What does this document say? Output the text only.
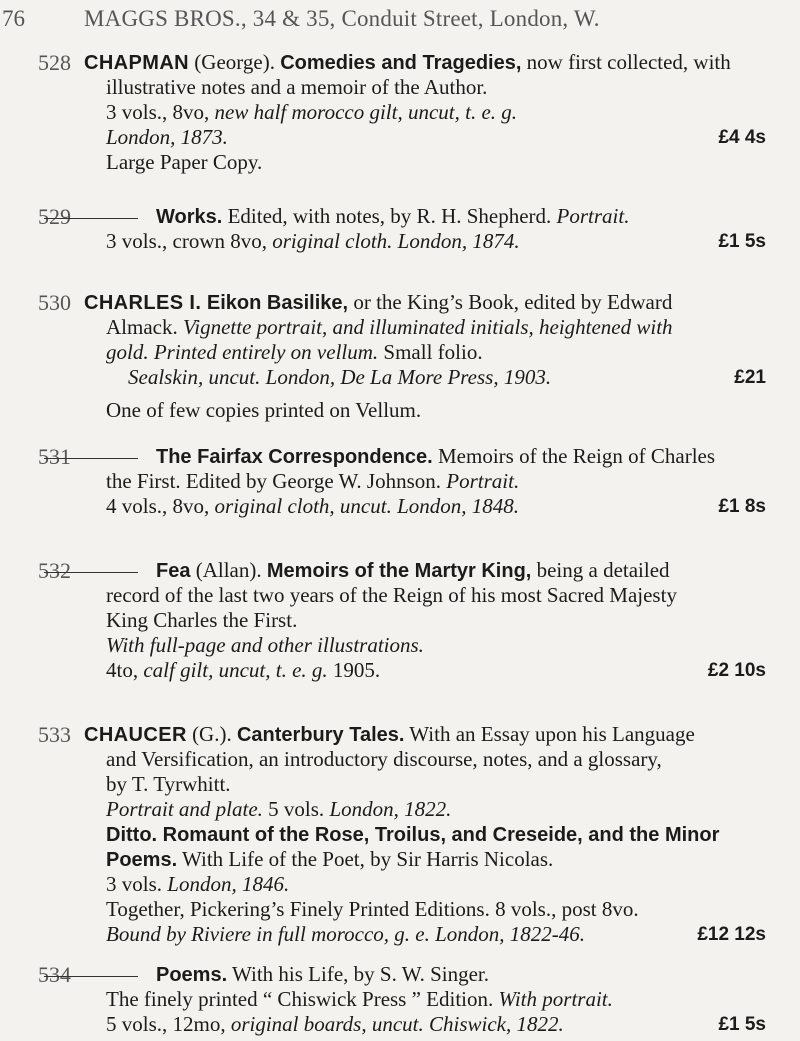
76	MAGGS BROS., 34 & 35, Conduit Street, London, W.
528 CHAPMAN (George). Comedies and Tragedies, now first collected, with
illustrative notes and a memoir of the Author.
3 vols., 8vo, new half morocco gilt, uncut, t. e. g.
London, 1873.	£4 4s
Large Paper Copy.
529	Works. Edited, with notes, by R. H. Shepherd. Portrait.
3 vols., crown 8vo, original cloth. London, 1874.	£1 5s
530 CHARLES I. Eikon Basilike, or the King’s Book, edited by Edward
Almack. Vignette portrait, and illuminated initials, heightened with
gold. Printed entirely on vellum. Small folio.
Sealskin, uncut. London, De La More Press, 1903.	£21
One of few copies printed on Vellum.
531	The Fairfax Correspondence. Memoirs of the Reign of Charles
the First. Edited by George W. Johnson. Portrait.
4 vols., 8vo, original cloth, uncut. London, 1848.	£1 8s
532	Fea (Allan). Memoirs of the Martyr King, being a detailed
record of the last two years of the Reign of his most Sacred Majesty
King Charles the First.
With full-page and other illustrations.
4to, calf gilt, uncut, t. e. g. 1905.	£2 10s
533 CHAUCER (G.). Canterbury Tales. With an Essay upon his Language
and Versification, an introductory discourse, notes, and a glossary,
by T. Tyrwhitt.
Portrait and plate. 5 vols. London, 1822.
Ditto. Romaunt of the Rose, Troilus, and Creseide, and the Minor
Poems. With Life of the Poet, by Sir Harris Nicolas.
3 vols. London, 1846.
Together, Pickering’s Finely Printed Editions. 8 vols., post 8vo.
Bound by Riviere in full morocco, g. e. London, 1822-46.	£12 12s
534	Poems. With his Life, by S. W. Singer.
The finely printed “ Chiswick Press ” Edition. With portrait.
5 vols., 12mo, original boards, uncut. Chiswick, 1822.	£1 5s
